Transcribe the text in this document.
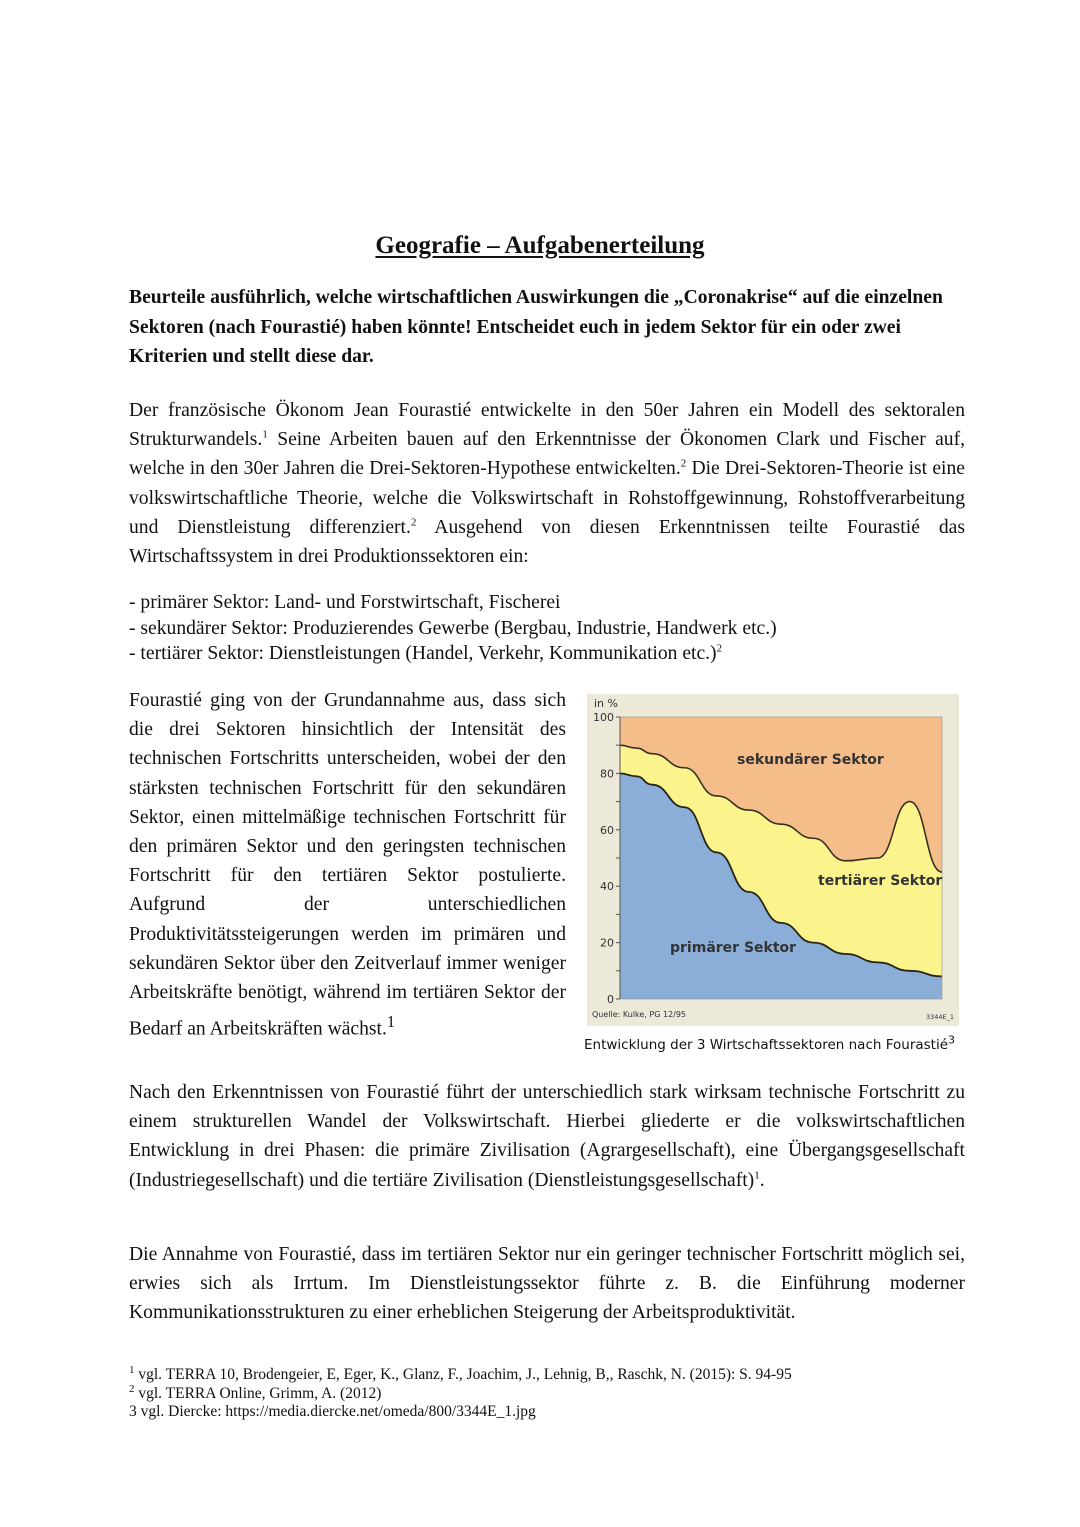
Geografie – Aufgabenerteilung

Beurteile ausführlich, welche wirtschaftlichen Auswirkungen die „Coronakrise“ auf die einzelnen Sektoren (nach Fourastié) haben könnte! Entscheidet euch in jedem Sektor für ein oder zwei Kriterien und stellt diese dar.

Der französische Ökonom Jean Fourastié entwickelte in den 50er Jahren ein Modell des sektoralen Strukturwandels.$^1$ Seine Arbeiten bauen auf den Erkenntnisse der Ökonomen Clark und Fischer auf, welche in den 30er Jahren die Drei-Sektoren-Hypothese entwickelten.$^2$ Die Drei-Sektoren-Theorie ist eine volkswirtschaftliche Theorie, welche die Volkswirtschaft in Rohstoffgewinnung, Rohstoffverarbeitung und Dienstleistung differenziert.$^2$ Ausgehend von diesen Erkenntnissen teilte Fourastié das Wirtschaftssystem in drei Produktionssektoren ein:

- primärer Sektor: Land- und Forstwirtschaft, Fischerei
- sekundärer Sektor: Produzierendes Gewerbe (Bergbau, Industrie, Handwerk etc.)
- tertiärer Sektor: Dienstleistungen (Handel, Verkehr, Kommunikation etc.)$^2$

Fourastié ging von der Grundannahme aus, dass sich die drei Sektoren hinsichtlich der Intensität des technischen Fortschritts unterscheiden, wobei der den stärksten technischen Fortschritt für den sekundären Sektor, einen mittelmäßige technischen Fortschritt für den primären Sektor und den geringsten technischen Fortschritt für den tertiären Sektor postulierte. Aufgrund der unterschiedlichen Produktivitätssteigerungen werden im primären und sekundären Sektor über den Zeitverlauf immer weniger Arbeitskräfte benötigt, während im tertiären Sektor der Bedarf an Arbeitskräften wächst.$^1$

in %
0
20
40
60
80
100
sekundärer Sektor
tertiärer Sektor
primärer Sektor
Quelle: Kulke, PG 12/95	3344E_1
Entwicklung der 3 Wirtschaftssektoren nach Fourastié$^3$

Nach den Erkenntnissen von Fourastié führt der unterschiedlich stark wirksam technische Fortschritt zu einem strukturellen Wandel der Volkswirtschaft. Hierbei gliederte er die volkswirtschaftlichen Entwicklung in drei Phasen: die primäre Zivilisation (Agrargesellschaft), eine Übergangsgesellschaft (Industriegesellschaft) und die tertiäre Zivilisation (Dienstleistungsgesellschaft)$^1$.

Die Annahme von Fourastié, dass im tertiären Sektor nur ein geringer technischer Fortschritt möglich sei, erwies sich als Irrtum. Im Dienstleistungssektor führte z. B. die Einführung moderner Kommunikationsstrukturen zu einer erheblichen Steigerung der Arbeitsproduktivität.

$^1$ vgl. TERRA 10, Brodengeier, E, Eger, K., Glanz, F., Joachim, J., Lehnig, B,, Raschk, N. (2015): S. 94-95
$^2$ vgl. TERRA Online, Grimm, A. (2012)
3 vgl. Diercke: https://media.diercke.net/omeda/800/3344E_1.jpg
